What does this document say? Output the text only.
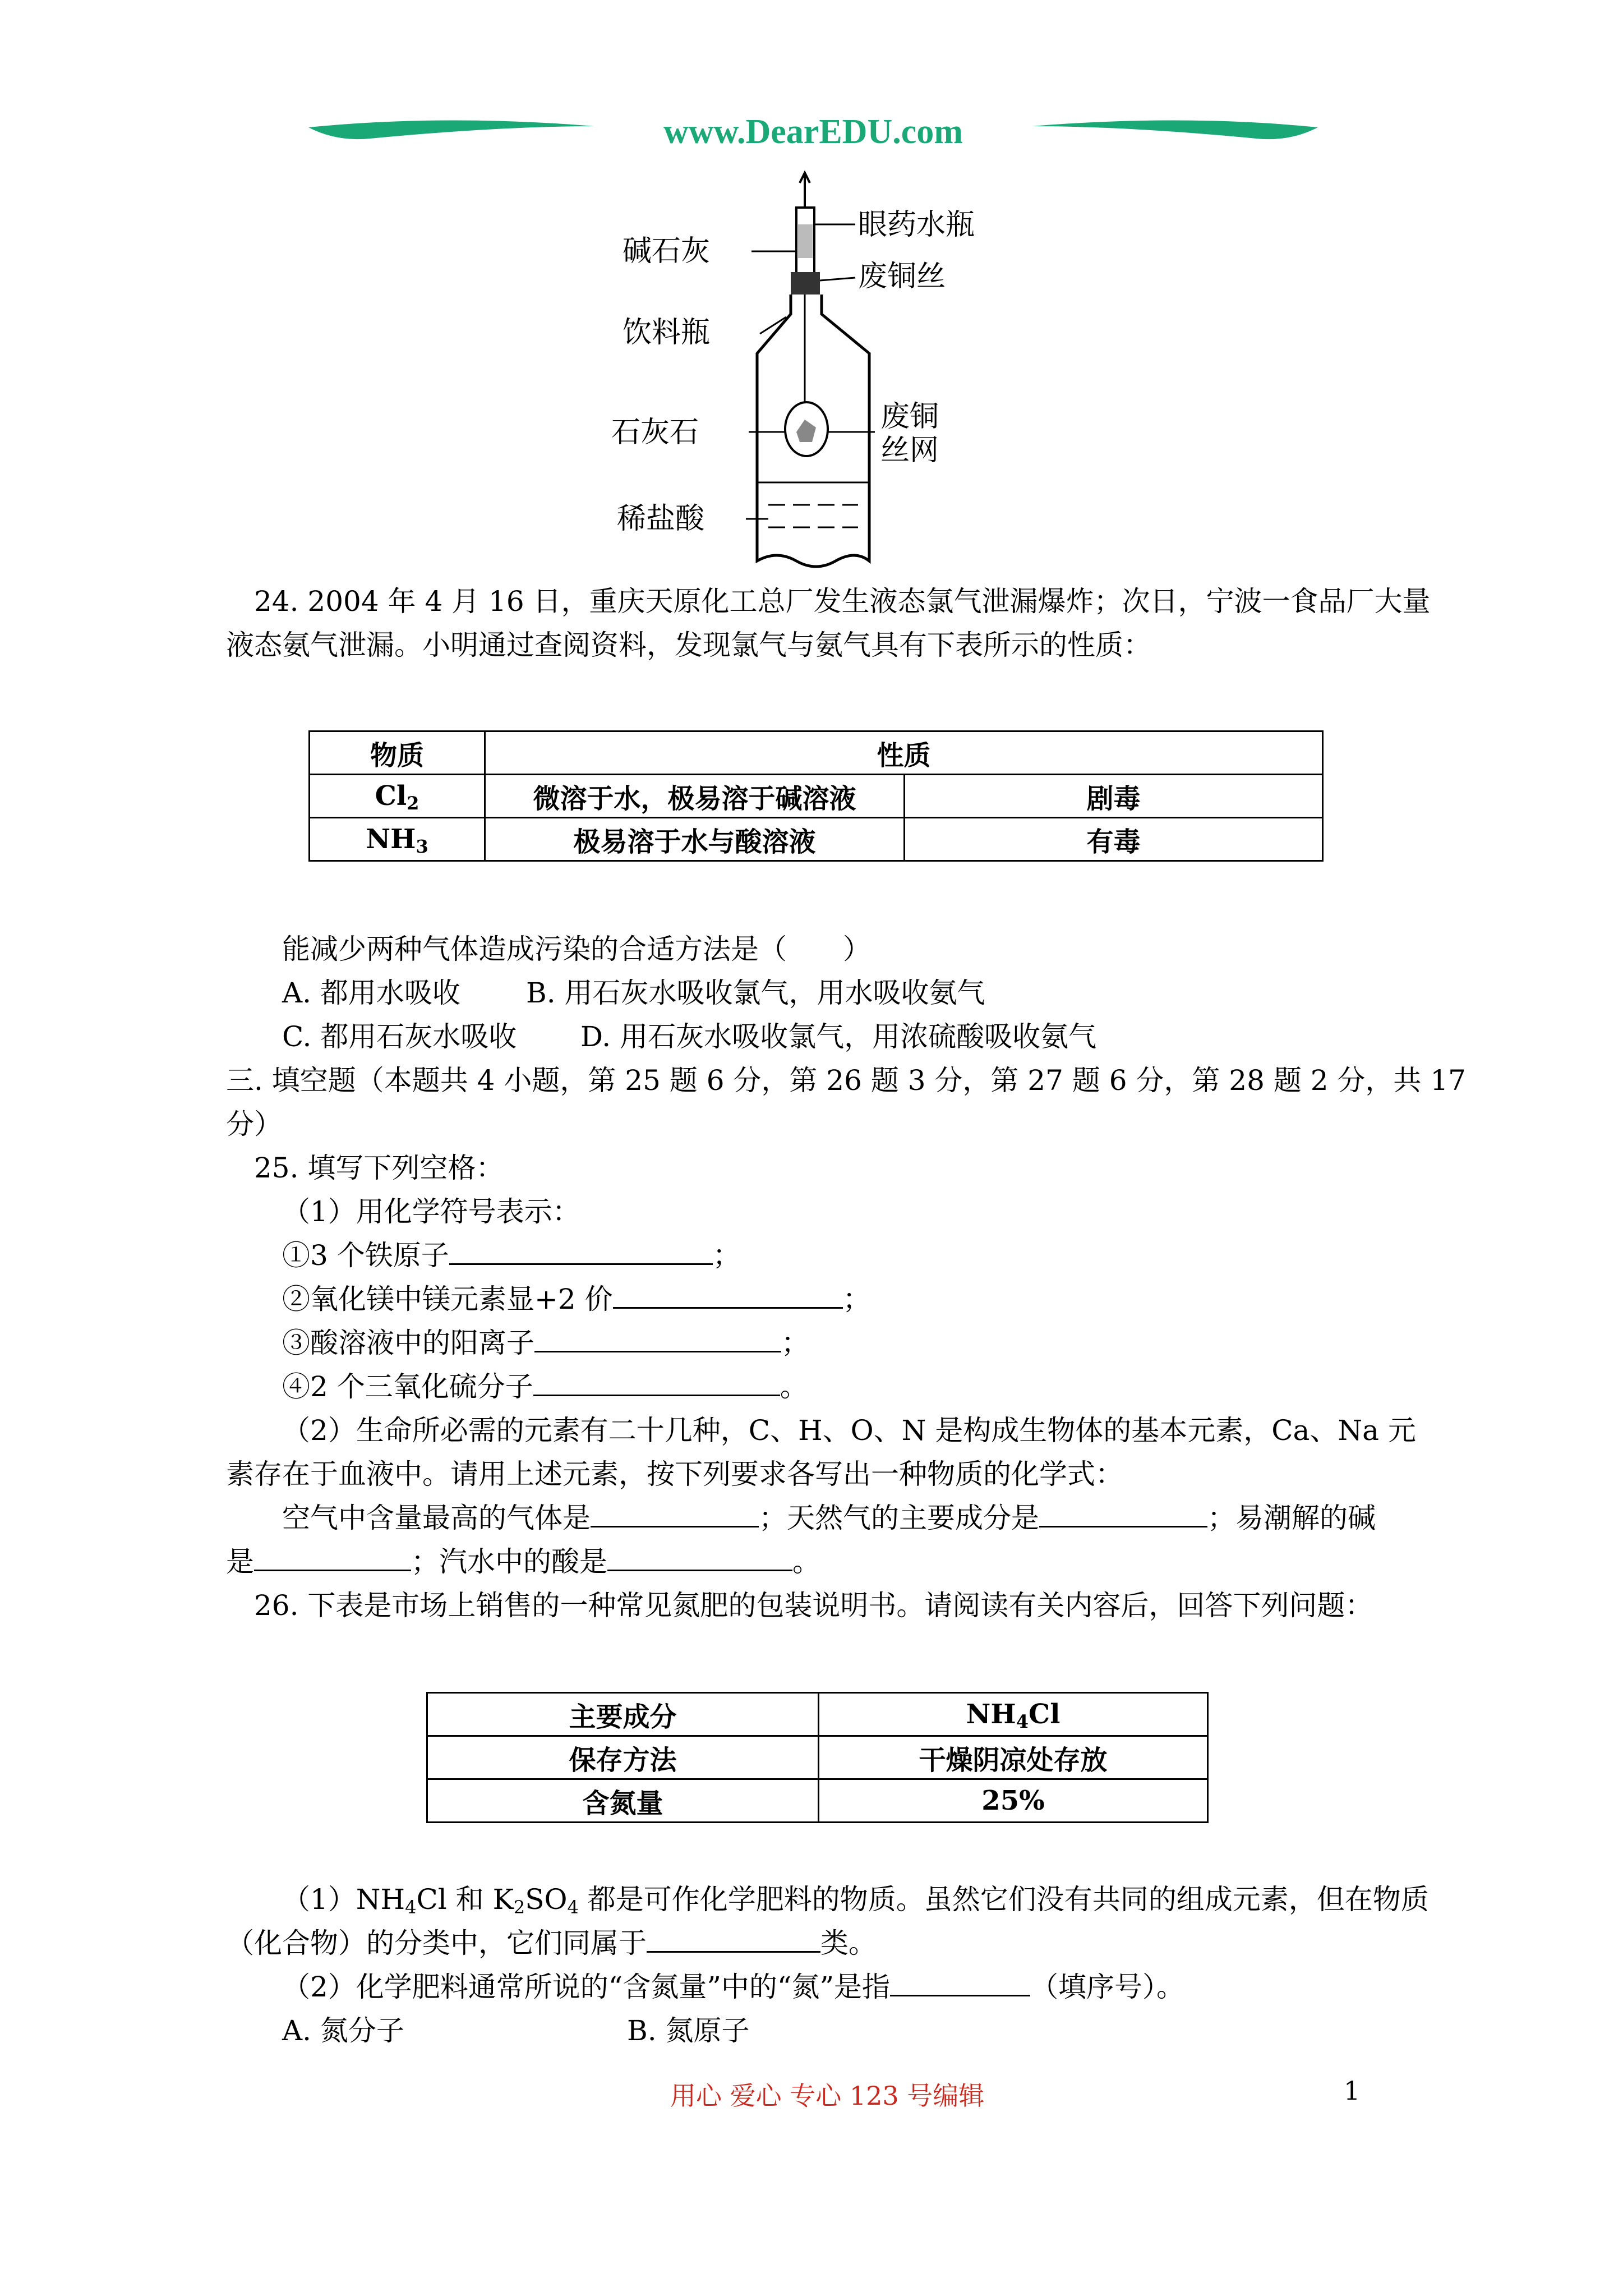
www.DearEDU.com
眼药水瓶
碱石灰
废铜丝
饮料瓶
石灰石	废铜
丝网
稀盐酸
24. 2004 年 4 月 16 日，重庆天原化工总厂发生液态氯气泄漏爆炸；次日，宁波一食品厂大量
液态氨气泄漏。小明通过查阅资料，发现氯气与氨气具有下表所示的性质：
物质	性质	
$Cl_2$	微溶于水，极易溶于碱溶液	剧毒
$NH_3$	极易溶于水与酸溶液	有毒
能减少两种气体造成污染的合适方法是（　　）
A. 都用水吸收 B. 用石灰水吸收氯气，用水吸收氨气
C. 都用石灰水吸收 D. 用石灰水吸收氯气，用浓硫酸吸收氨气
三. 填空题（本题共 4 小题，第 25 题 6 分，第 26 题 3 分，第 27 题 6 分，第 28 题 2 分，共 17
分）
25. 填写下列空格：
（1）用化学符号表示：
①3 个铁原子	；
②氧化镁中镁元素显+2 价	；
③酸溶液中的阳离子	；
④2 个三氧化硫分子	。
（2）生命所必需的元素有二十几种，C、H、O、N 是构成生物体的基本元素，Ca、Na 元
素存在于血液中。请用上述元素，按下列要求各写出一种物质的化学式：
空气中含量最高的气体是	；天然气的主要成分是	；易潮解的碱
是	；汽水中的酸是	。
26. 下表是市场上销售的一种常见氮肥的包装说明书。请阅读有关内容后，回答下列问题：
主要成分	$NH_4Cl$
保存方法	干燥阴凉处存放
含氮量	25%
$(1)NH_4Cl$ 和 $K_2SO_4$ 都是可作化学肥料的物质。虽然它们没有共同的组成元素，但在物质
（化合物）的分类中，它们同属于	类。
（2）化学肥料通常所说的“含氮量”中的“氮”是指	（填序号）。
A. 氮分子	B. 氮原子
用心 爱心 专心 123 号编辑	1
